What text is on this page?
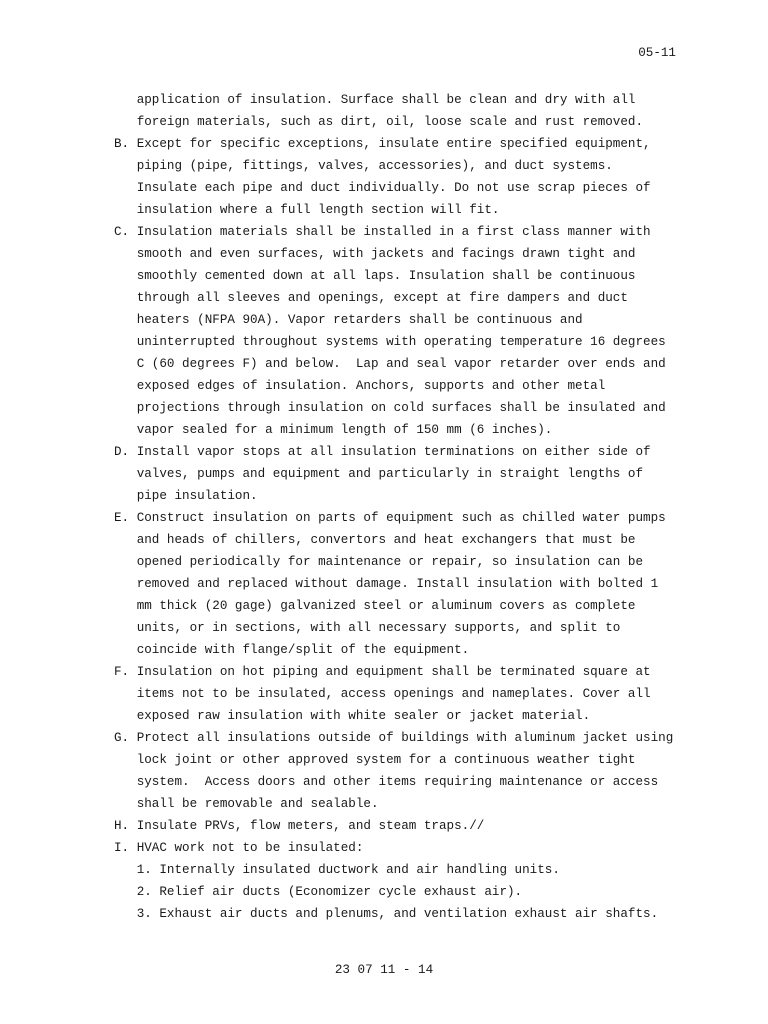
05-11
application of insulation. Surface shall be clean and dry with all
foreign materials, such as dirt, oil, loose scale and rust removed.
B. Except for specific exceptions, insulate entire specified equipment,
piping (pipe, fittings, valves, accessories), and duct systems.
Insulate each pipe and duct individually. Do not use scrap pieces of
insulation where a full length section will fit.
C. Insulation materials shall be installed in a first class manner with
smooth and even surfaces, with jackets and facings drawn tight and
smoothly cemented down at all laps. Insulation shall be continuous
through all sleeves and openings, except at fire dampers and duct
heaters (NFPA 90A). Vapor retarders shall be continuous and
uninterrupted throughout systems with operating temperature 16 degrees
C (60 degrees F) and below.  Lap and seal vapor retarder over ends and
exposed edges of insulation. Anchors, supports and other metal
projections through insulation on cold surfaces shall be insulated and
vapor sealed for a minimum length of 150 mm (6 inches).
D. Install vapor stops at all insulation terminations on either side of
valves, pumps and equipment and particularly in straight lengths of
pipe insulation.
E. Construct insulation on parts of equipment such as chilled water pumps
and heads of chillers, convertors and heat exchangers that must be
opened periodically for maintenance or repair, so insulation can be
removed and replaced without damage. Install insulation with bolted 1
mm thick (20 gage) galvanized steel or aluminum covers as complete
units, or in sections, with all necessary supports, and split to
coincide with flange/split of the equipment.
F. Insulation on hot piping and equipment shall be terminated square at
items not to be insulated, access openings and nameplates. Cover all
exposed raw insulation with white sealer or jacket material.
G. Protect all insulations outside of buildings with aluminum jacket using
lock joint or other approved system for a continuous weather tight
system.  Access doors and other items requiring maintenance or access
shall be removable and sealable.
H. Insulate PRVs, flow meters, and steam traps.//
I. HVAC work not to be insulated:
1. Internally insulated ductwork and air handling units.
2. Relief air ducts (Economizer cycle exhaust air).
3. Exhaust air ducts and plenums, and ventilation exhaust air shafts.
23 07 11 - 14
